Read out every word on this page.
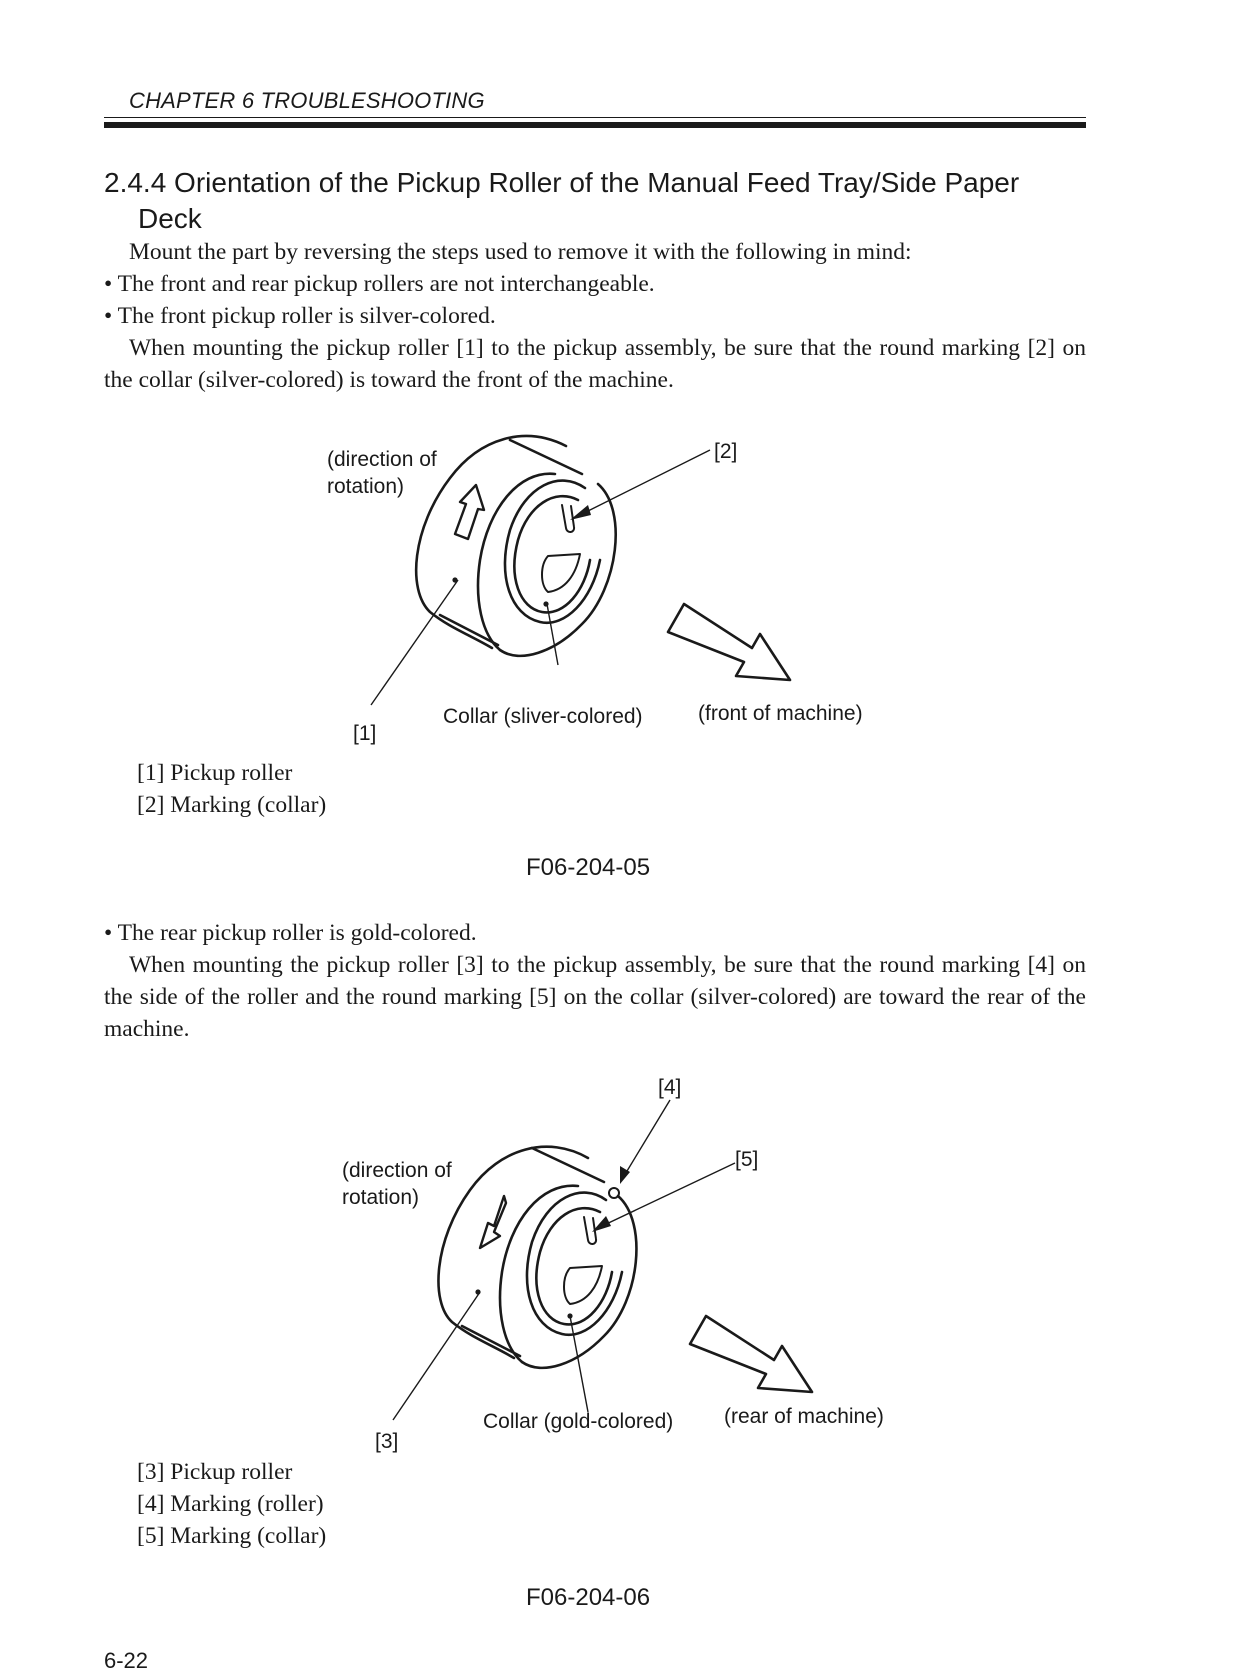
CHAPTER 6 TROUBLESHOOTING
2.4.4 Orientation of the Pickup Roller of the Manual Feed Tray/Side Paper
Deck

Mount the part by reversing the steps used to remove it with the following in mind:

• The front and rear pickup rollers are not interchangeable.

• The front pickup roller is silver-colored.

When mounting the pickup roller [1] to the pickup assembly, be sure that the round marking [2] on the collar (silver-colored) is toward the front of the machine.

(direction of
rotation)
[2]
[1]
Collar (sliver-colored)	(front of machine)
[1] Pickup roller
[2] Marking (collar)
F06-204-05

• The rear pickup roller is gold-colored.

When mounting the pickup roller [3] to the pickup assembly, be sure that the round marking [4] on the side of the roller and the round marking [5] on the collar (silver-colored) are toward the rear of the machine.

[4]
[5]
(direction of
rotation)
[3]
Collar (gold-colored) (rear of machine)
[3] Pickup roller
[4] Marking (roller)
[5] Marking (collar)
F06-204-06
6-22
